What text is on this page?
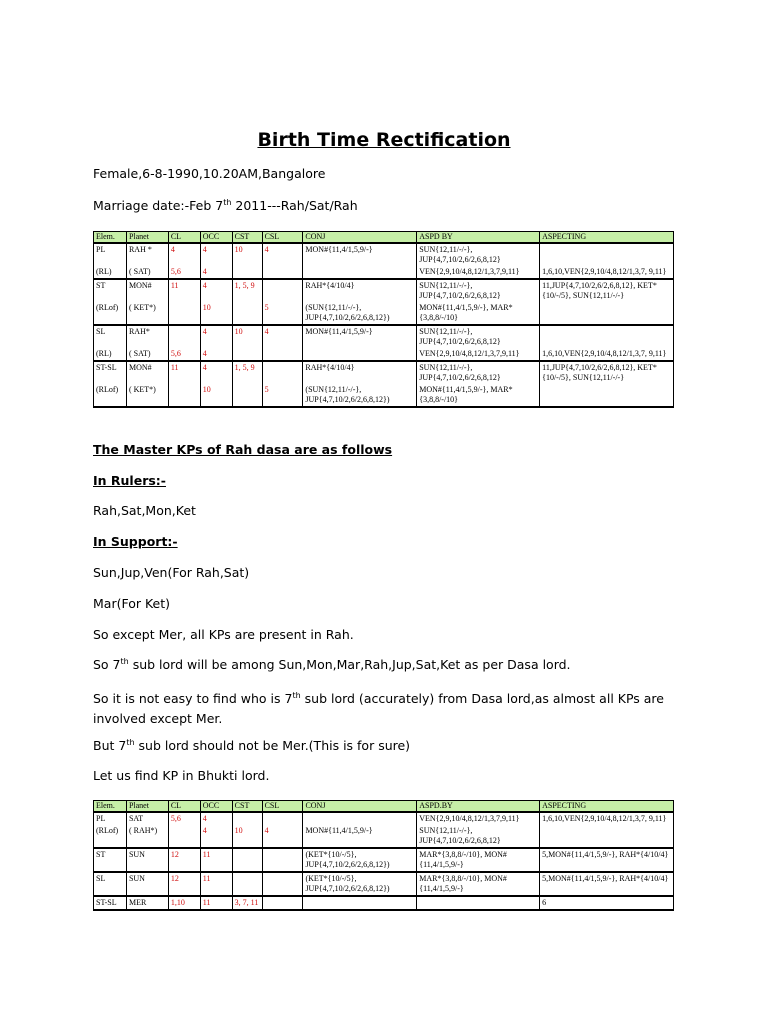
Birth Time Rectification
Female,6-8-1990,10.20AM,Bangalore
Marriage date:-Feb 7th 2011---Rah/Sat/Rah
Elem.	Planet	CL	OCC	CST	CSL	CONJ	ASPD BY	ASPECTING
PL	RAH *	4	4	10	4	MON#{11,4/1,5,9/-}	SUN{12,11/-/-}, JUP{4,7,10/2,6/2,6,8,12}	
(RL)	( SAT)	5,6	4				VEN{2,9,10/4,8,12/1,3,7,9,11}	1,6,10,VEN{2,9,10/4,8,12/1,3,7, 9,11}
ST	MON#	11	4	1, 5, 9		RAH*{4/10/4}	SUN{12,11/-/-}, JUP{4,7,10/2,6/2,6,8,12}	11,JUP{4,7,10/2,6/2,6,8,12}, KET*{10/-/5}, SUN{12,11/-/-}
(RLof)	( KET*)		10		5	(SUN{12,11/-/-}, JUP{4,7,10/2,6/2,6,8,12})	MON#{11,4/1,5,9/-}, MAR*{3,8,8/-/10}	
SL	RAH*		4	10	4	MON#{11,4/1,5,9/-}	SUN{12,11/-/-}, JUP{4,7,10/2,6/2,6,8,12}	
(RL)	( SAT)	5,6	4				VEN{2,9,10/4,8,12/1,3,7,9,11}	1,6,10,VEN{2,9,10/4,8,12/1,3,7, 9,11}
ST-SL	MON#	11	4	1, 5, 9		RAH*{4/10/4}	SUN{12,11/-/-}, JUP{4,7,10/2,6/2,6,8,12}	11,JUP{4,7,10/2,6/2,6,8,12}, KET*{10/-/5}, SUN{12,11/-/-}
(RLof)	( KET*)		10		5	(SUN{12,11/-/-}, JUP{4,7,10/2,6/2,6,8,12})	MON#{11,4/1,5,9/-}, MAR*{3,8,8/-/10}	
The Master KPs of Rah dasa are as follows
In Rulers:-
Rah,Sat,Mon,Ket
In Support:-
Sun,Jup,Ven(For Rah,Sat)
Mar(For Ket)
So except Mer, all KPs are present in Rah.
So 7th sub lord will be among Sun,Mon,Mar,Rah,Jup,Sat,Ket as per Dasa lord.
So it is not easy to find who is 7th sub lord (accurately) from Dasa lord,as almost all KPs are involved except Mer.
But 7th sub lord should not be Mer.(This is for sure)
Let us find KP in Bhukti lord.
Elem.	Planet	CL	OCC	CST	CSL	CONJ	ASPD.BY	ASPECTING
PL	SAT	5,6	4				VEN{2,9,10/4,8,12/1,3,7,9,11}	1,6,10,VEN{2,9,10/4,8,12/1,3,7, 9,11}
(RLof)	( RAH*)		4	10	4	MON#{11,4/1,5,9/-}	SUN{12,11/-/-}, JUP{4,7,10/2,6/2,6,8,12}	
ST	SUN	12	11			(KET*{10/-/5}, JUP{4,7,10/2,6/2,6,8,12})	MAR*{3,8,8/-/10}, MON#{11,4/1,5,9/-}	5,MON#{11,4/1,5,9/-}, RAH*{4/10/4}
SL	SUN	12	11			(KET*{10/-/5}, JUP{4,7,10/2,6/2,6,8,12})	MAR*{3,8,8/-/10}, MON#{11,4/1,5,9/-}	5,MON#{11,4/1,5,9/-}, RAH*{4/10/4}
ST-SL	MER	1,10	11	3, 7, 11				6
